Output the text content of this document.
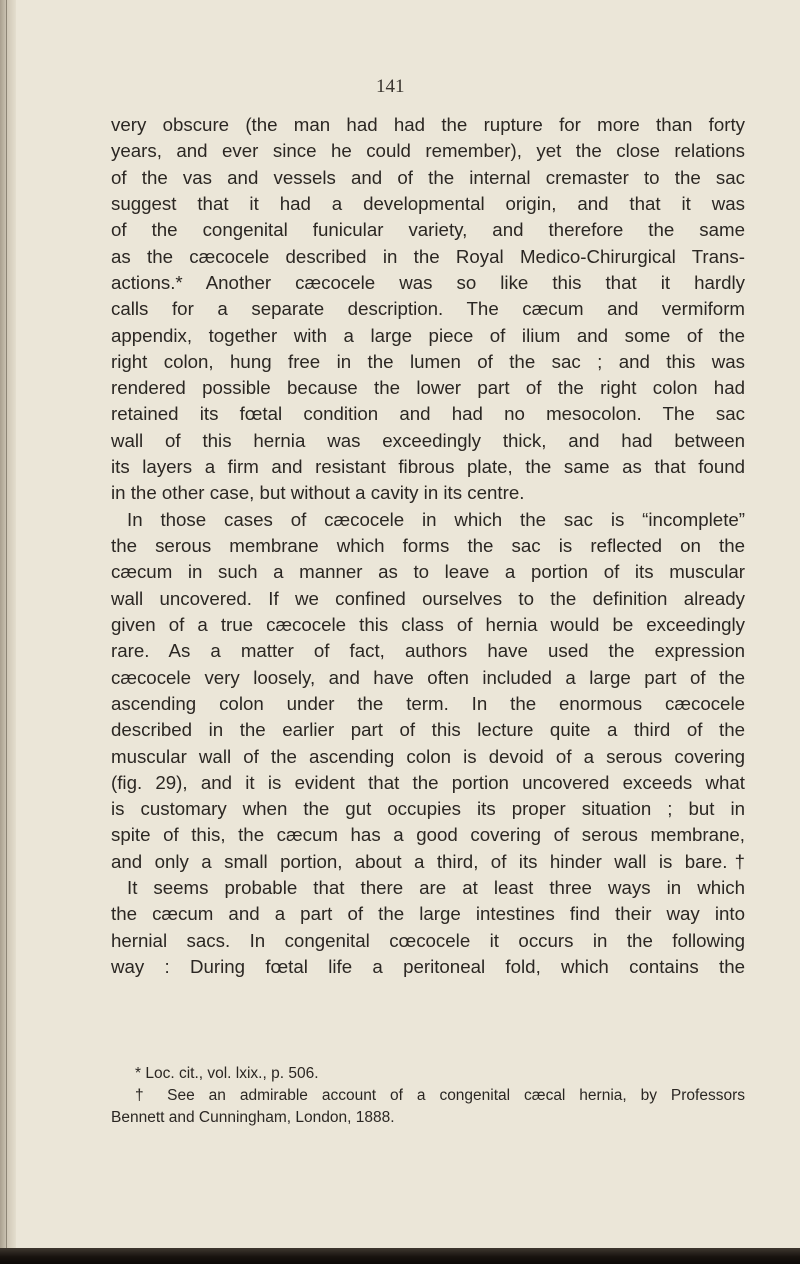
141
very obscure (the man had had the rupture for more than forty
years, and ever since he could remember), yet the close relations
of the vas and vessels and of the internal cremaster to the sac
suggest that it had a developmental origin, and that it was
of the congenital funicular variety, and therefore the same
as the cæcocele described in the Royal Medico-Chirurgical Trans-
actions.* Another cæcocele was so like this that it hardly
calls for a separate description. The cæcum and vermiform
appendix, together with a large piece of ilium and some of the
right colon, hung free in the lumen of the sac ; and this was
rendered possible because the lower part of the right colon had
retained its fœtal condition and had no mesocolon. The sac
wall of this hernia was exceedingly thick, and had between
its layers a firm and resistant fibrous plate, the same as that found
in the other case, but without a cavity in its centre.
In those cases of cæcocele in which the sac is “incomplete”
the serous membrane which forms the sac is reflected on the
cæcum in such a manner as to leave a portion of its muscular
wall uncovered. If we confined ourselves to the definition already
given of a true cæcocele this class of hernia would be exceedingly
rare. As a matter of fact, authors have used the expression
cæcocele very loosely, and have often included a large part of the
ascending colon under the term. In the enormous cæcocele
described in the earlier part of this lecture quite a third of the
muscular wall of the ascending colon is devoid of a serous covering
(fig. 29), and it is evident that the portion uncovered exceeds what
is customary when the gut occupies its proper situation ; but in
spite of this, the cæcum has a good covering of serous membrane,
and only a small portion, about a third, of its hinder wall is bare.†
It seems probable that there are at least three ways in which
the cæcum and a part of the large intestines find their way into
hernial sacs. In congenital cœcocele it occurs in the following
way : During fœtal life a peritoneal fold, which contains the
* Loc. cit., vol. lxix., p. 506.
† See an admirable account of a congenital cæcal hernia, by Professors
Bennett and Cunningham, London, 1888.
